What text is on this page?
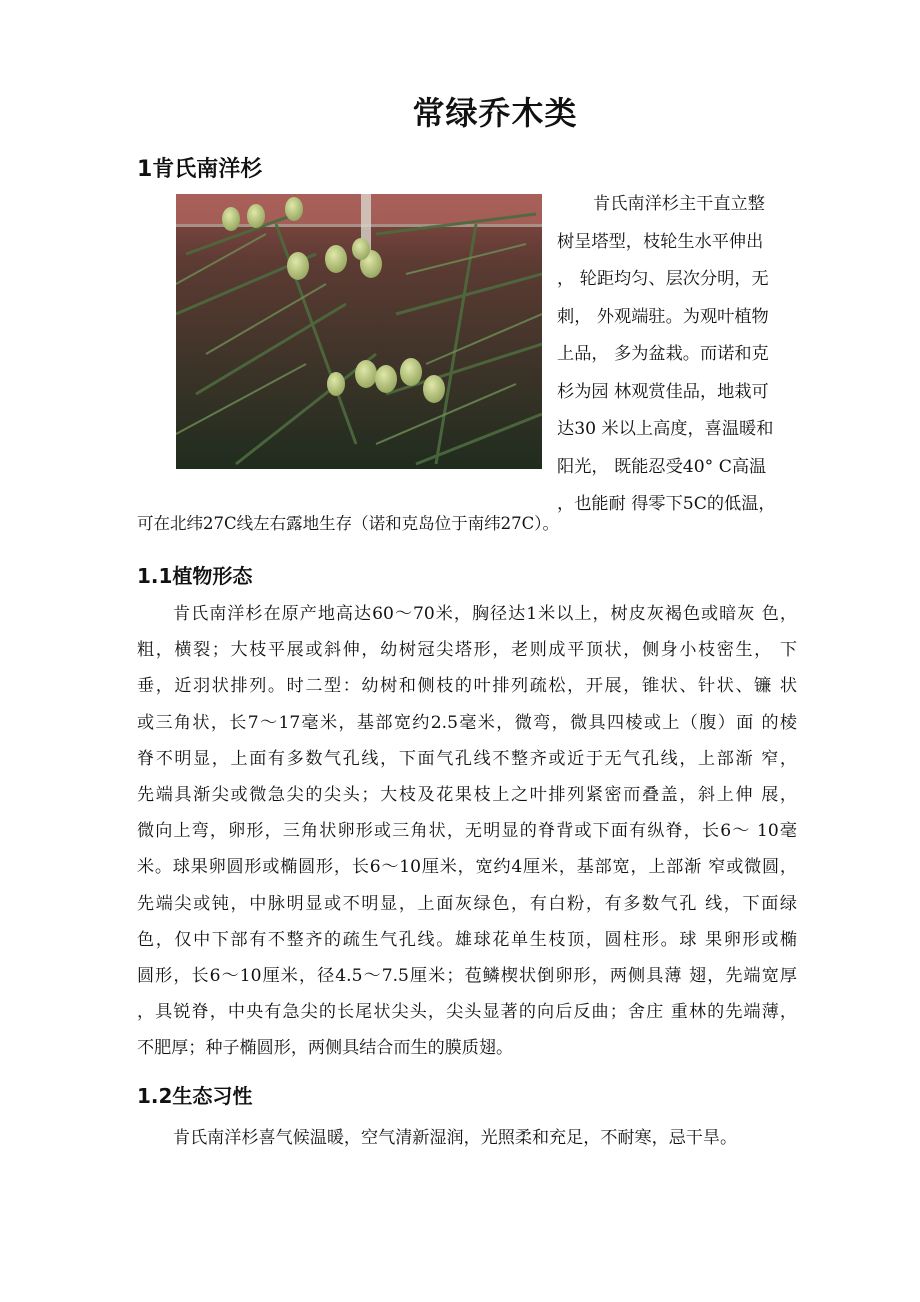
常绿乔木类
1肯氏南洋杉
肯氏南洋杉主干直立整
树呈塔型，枝轮生水平伸出
， 轮距均匀、层次分明，无
刺， 外观端驻。为观叶植物
上品， 多为盆栽。而诺和克
杉为园 林观赏佳品，地栽可
达30 米以上高度，喜温暖和
阳光， 既能忍受40° C高温
，也能耐 得零下5C的低温，

可在北纬27C线左右露地生存（诺和克岛位于南纬27C）。

1.1植物形态
肯氏南洋杉在原产地高达60〜70米，胸径达1米以上，树皮灰褐色或暗灰 色，
粗，横裂；大枝平展或斜伸，幼树冠尖塔形，老则成平顶状，侧身小枝密生， 下
垂，近羽状排列。时二型：幼树和侧枝的叶排列疏松，开展，锥状、针状、镰 状
或三角状，长7〜17毫米，基部宽约2.5毫米，微弯，微具四棱或上（腹）面 的棱
脊不明显，上面有多数气孔线，下面气孔线不整齐或近于无气孔线，上部渐 窄，
先端具渐尖或微急尖的尖头；大枝及花果枝上之叶排列紧密而叠盖，斜上伸 展，
微向上弯，卵形，三角状卵形或三角状，无明显的脊背或下面有纵脊，长6〜 10毫
米。球果卵圆形或椭圆形，长6〜10厘米，宽约4厘米，基部宽，上部渐 窄或微圆，
先端尖或钝，中脉明显或不明显，上面灰绿色，有白粉，有多数气孔 线，下面绿
色，仅中下部有不整齐的疏生气孔线。雄球花单生枝顶，圆柱形。球 果卵形或椭
圆形，长6〜10厘米，径4.5〜7.5厘米；苞鳞楔状倒卵形，两侧具薄 翅，先端宽厚
，具锐脊，中央有急尖的长尾状尖头，尖头显著的向后反曲；舍庄 重林的先端薄，
不肥厚；种子椭圆形，两侧具结合而生的膜质翅。
1.2生态习性
肯氏南洋杉喜气候温暖，空气清新湿润，光照柔和充足，不耐寒，忌干旱。
